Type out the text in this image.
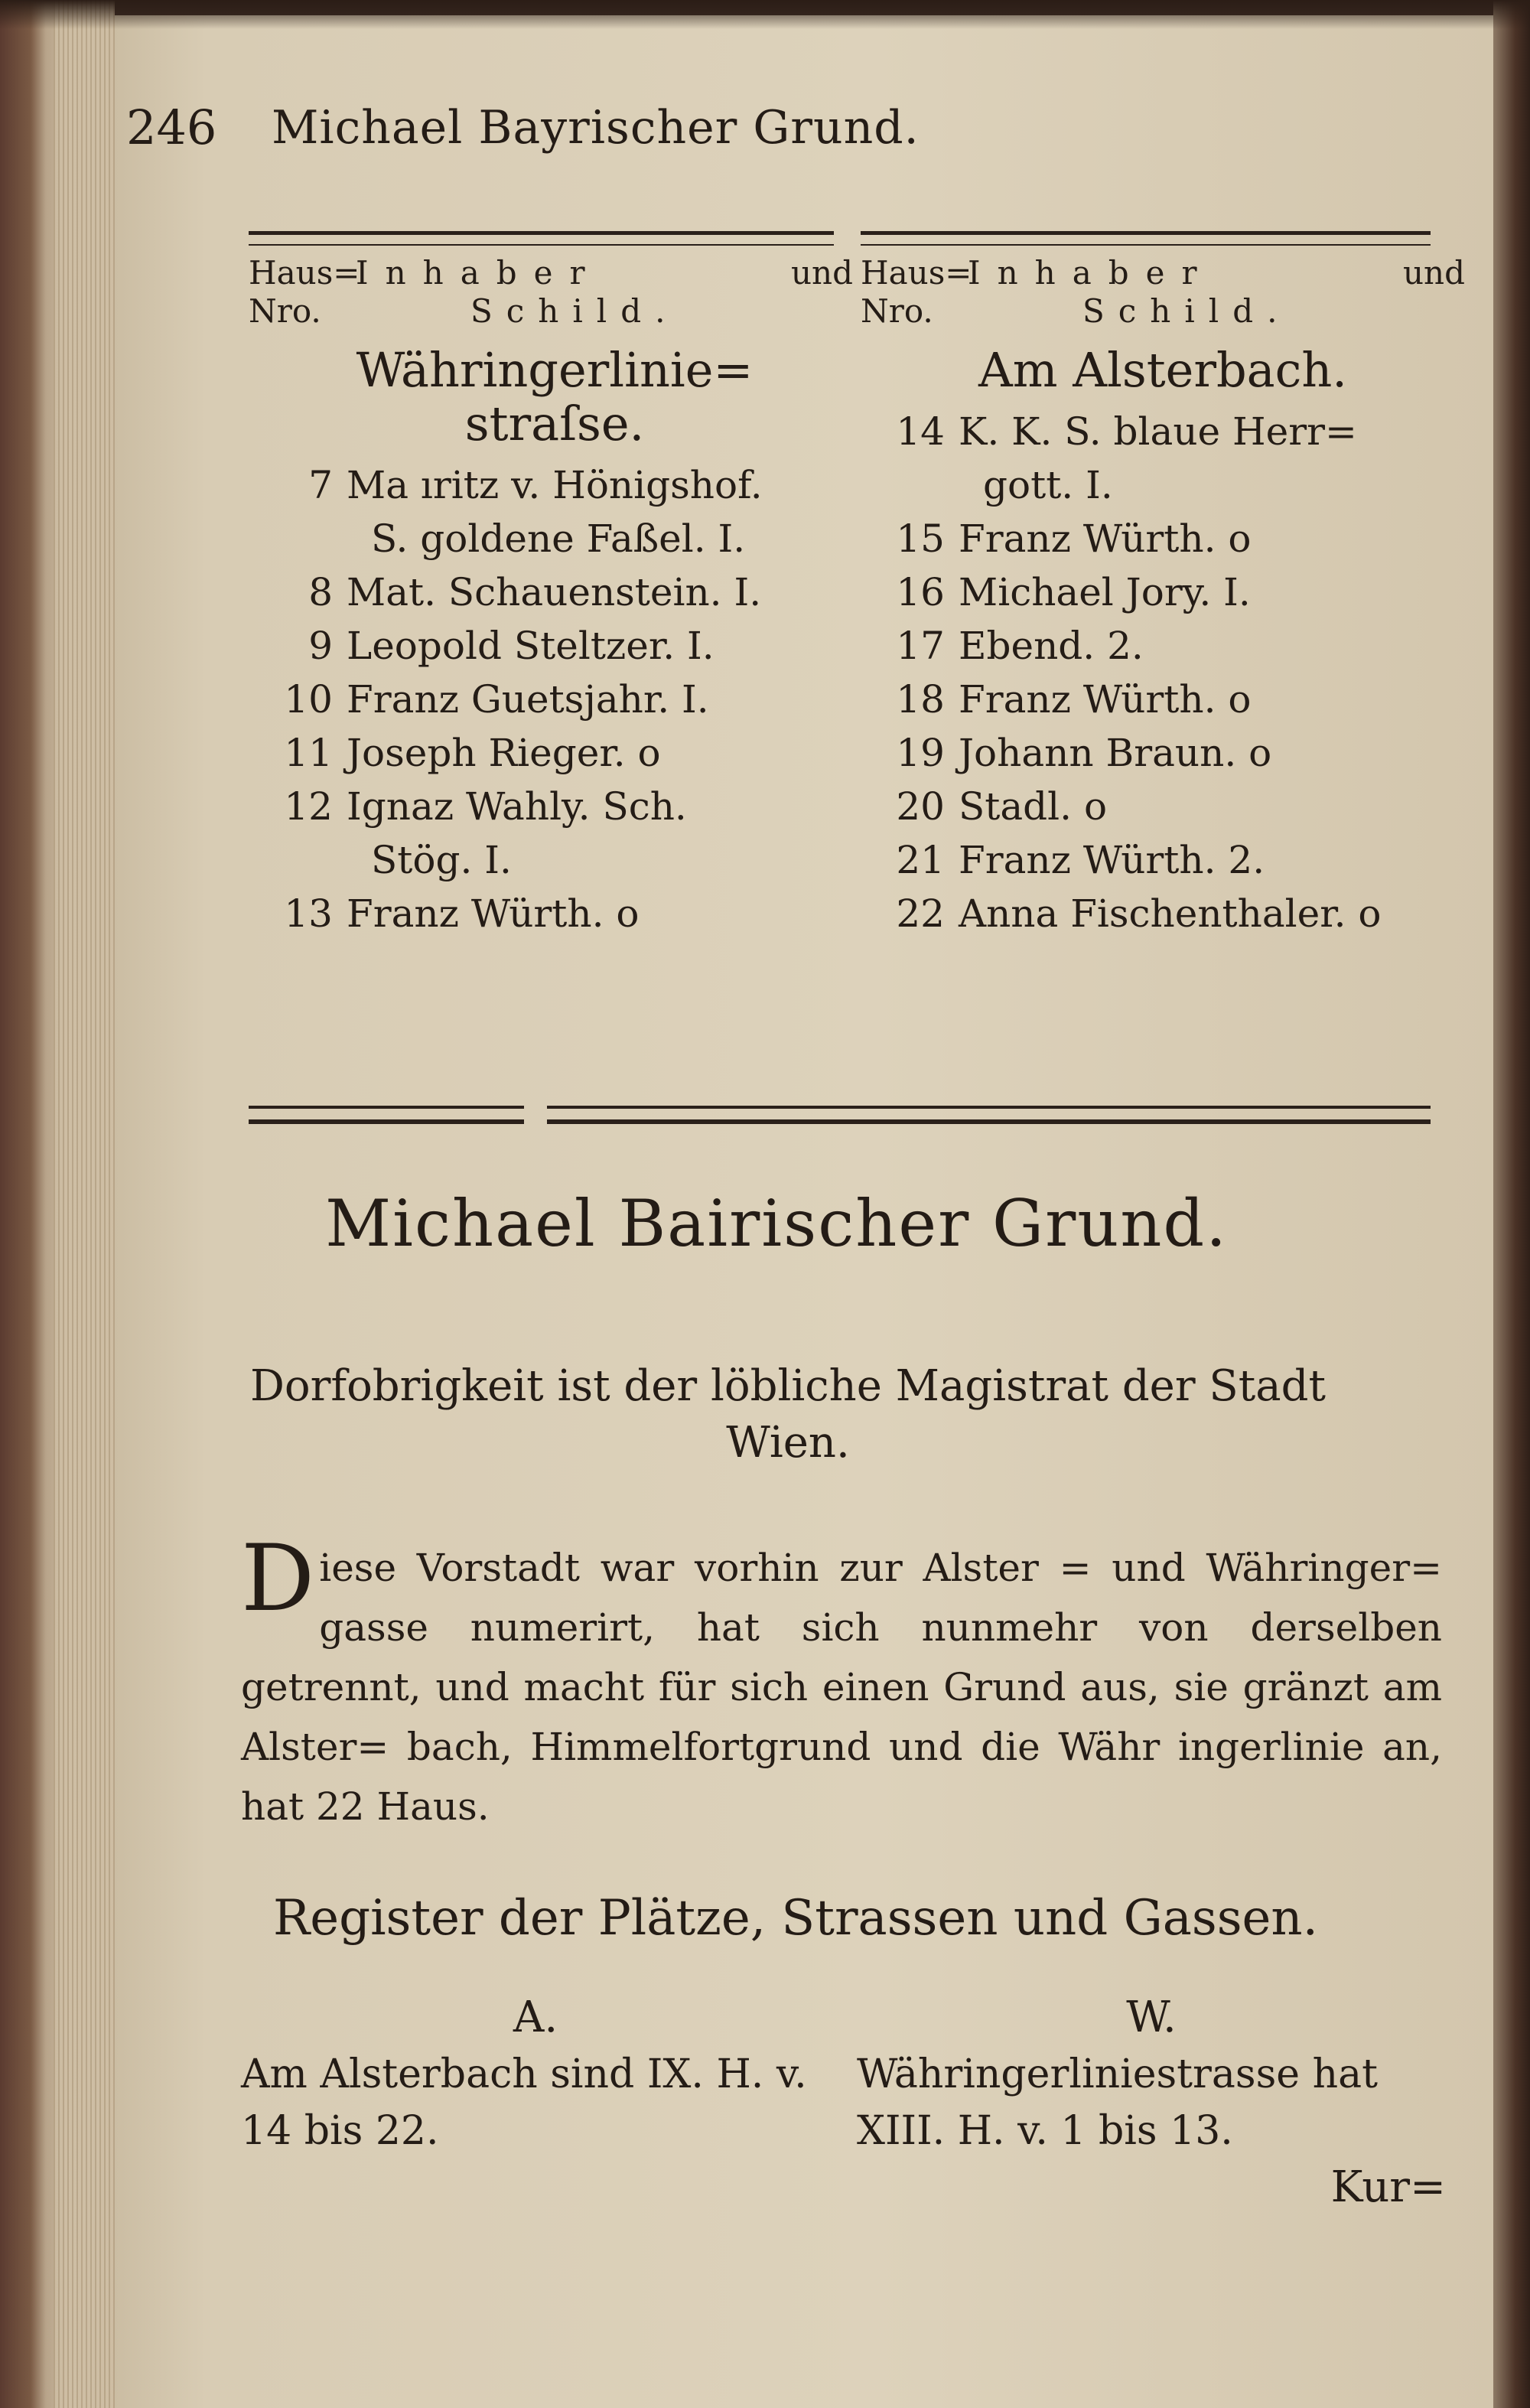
246 Michael Bayrischer Grund.
Haus=
Inhaber	und
Nro.	Schild.
Währingerlinie= straſse.
7 Ma ıritz v. Hönigshof.
S. goldene Faßel. I.
8 Mat. Schauenstein. I.
9 Leopold Steltzer. I.
10 Franz Guetsjahr. I.
11 Joseph Rieger. o
12 Ignaz Wahly. Sch.
Stög. I.
13 Franz Würth. o
Haus=
Inhaber	und
Nro.	Schild.
Am Alsterbach.
14 K. K. S. blaue Herr=
gott. I.
15 Franz Würth. o
16 Michael Jory. I.
17 Ebend. 2.
18 Franz Würth. o
19 Johann Braun. o
20 Stadl. o
21 Franz Würth. 2.
22 Anna Fischenthaler. o
Michael Bairischer Grund.
Dorfobrigkeit ist der löbliche Magistrat der Stadt Wien.
D iese Vorstadt war vorhin zur Alster = und Währinger= gasse numerirt, hat sich nunmehr von derselben getrennt, und macht für sich einen Grund aus, sie gränzt am Alster= bach, Himmelfortgrund und die Währ ingerlinie an, hat 22 Haus.
Register der Plätze, Strassen und Gassen.
A.
Am Alsterbach sind IX. H. v. 14 bis 22.
W.
Währingerliniestrasse hat XIII. H. v. 1 bis 13.
Kur=
